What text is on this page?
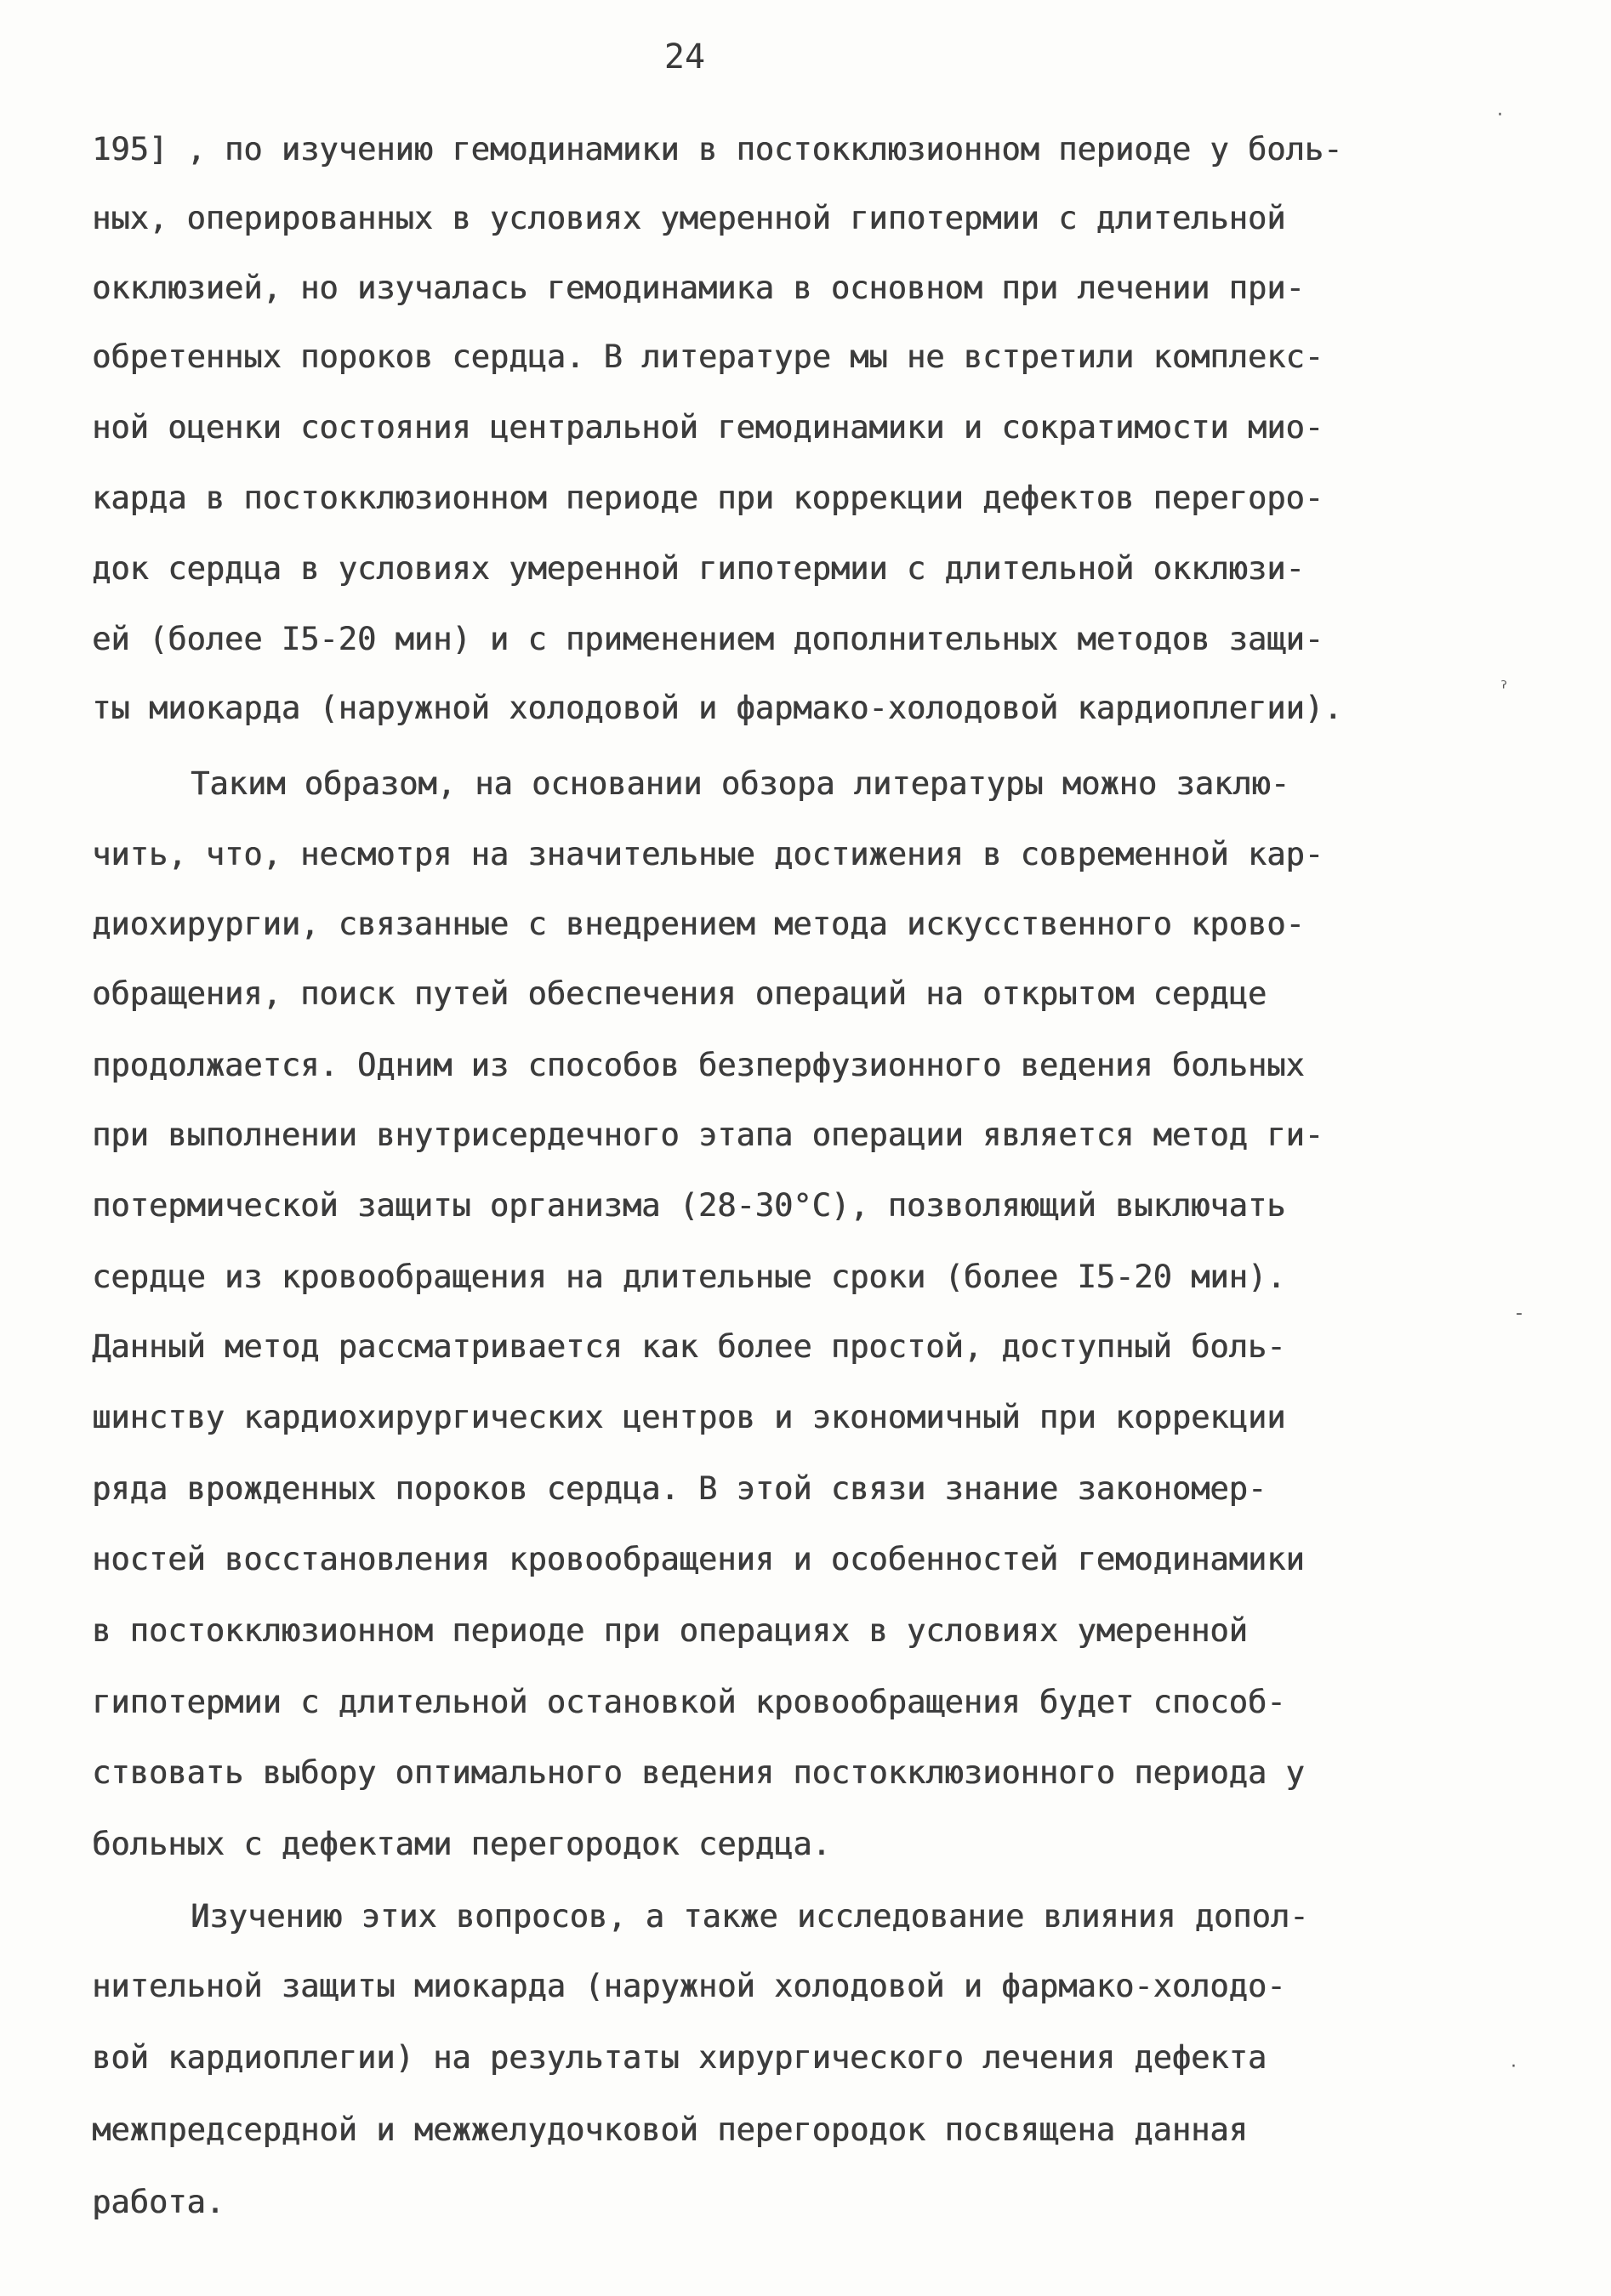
24
195] , по изучению гемодинамики в постокклюзионном периоде у боль-
ных, оперированных в условиях умеренной гипотермии с длительной
окклюзией, но изучалась гемодинамика в основном при лечении при-
обретенных пороков сердца. В литературе мы не встретили комплекс-
ной оценки состояния центральной гемодинамики и сократимости мио-
карда в постокклюзионном периоде при коррекции дефектов перегоро-
док сердца в условиях умеренной гипотермии с длительной окклюзи-
ей (более I5-20 мин) и с применением дополнительных методов защи-
ты миокарда (наружной холодовой и фармако-холодовой кардиоплегии).
Таким образом, на основании обзора литературы можно заклю-
чить, что, несмотря на значительные достижения в современной кар-
диохирургии, связанные с внедрением метода искусственного крово-
обращения, поиск путей обеспечения операций на открытом сердце
продолжается. Одним из способов безперфузионного ведения больных
при выполнении внутрисердечного этапа операции является метод ги-
потермической защиты организма (28-30°С), позволяющий выключать
сердце из кровообращения на длительные сроки (более I5-20 мин).
Данный метод рассматривается как более простой, доступный боль-
шинству кардиохирургических центров и экономичный при коррекции
ряда врожденных пороков сердца. В этой связи знание закономер-
ностей восстановления кровообращения и особенностей гемодинамики
в постокклюзионном периоде при операциях в условиях умеренной
гипотермии с длительной остановкой кровообращения будет способ-
ствовать выбору оптимального ведения постокклюзионного периода у
больных с дефектами перегородок сердца.
Изучению этих вопросов, а также исследование влияния допол-
нительной защиты миокарда (наружной холодовой и фармако-холодо-
вой кардиоплегии) на результаты хирургического лечения дефекта
межпредсердной и межжелудочковой перегородок посвящена данная
работа.
·
ˀ
‐
·
